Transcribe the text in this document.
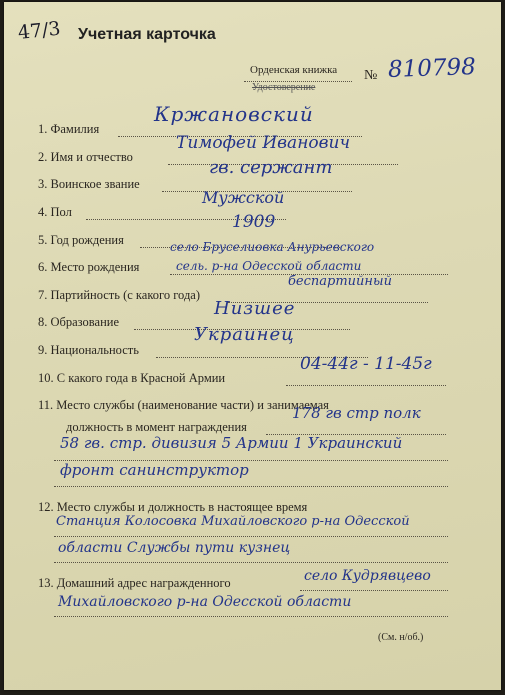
47/3 Учетная карточка
Орденская книжка
Удостоверение
№ 810798
1. Фамилия
Кржановский
2. Имя и отчество
Тимофей Иванович
3. Воинское звание
гв. сержант
4. Пол
Мужской
5. Год рождения
1909
6. Место рождения
село Бруселиовка Анурьевского
сель. р-на Одесской области
7. Партийность (с какого года)
беспартийный
8. Образование
Низшее
9. Национальность
Украинец
10. С какого года в Красной Армии
04-44г - 11-45г
11. Место службы (наименование части) и занимаемая
должность в момент награждения
178 гв стр полк
58 гв. стр. дивизия 5 Армии 1 Украинский
фронт санинструктор
12. Место службы и должность в настоящее время
Станция Колосовка Михайловского р-на Одесской
области Службы пути кузнец
13. Домашний адрес награжденного	село Кудрявцево
Михайловского р-на Одесской области
(См. н/об.)
